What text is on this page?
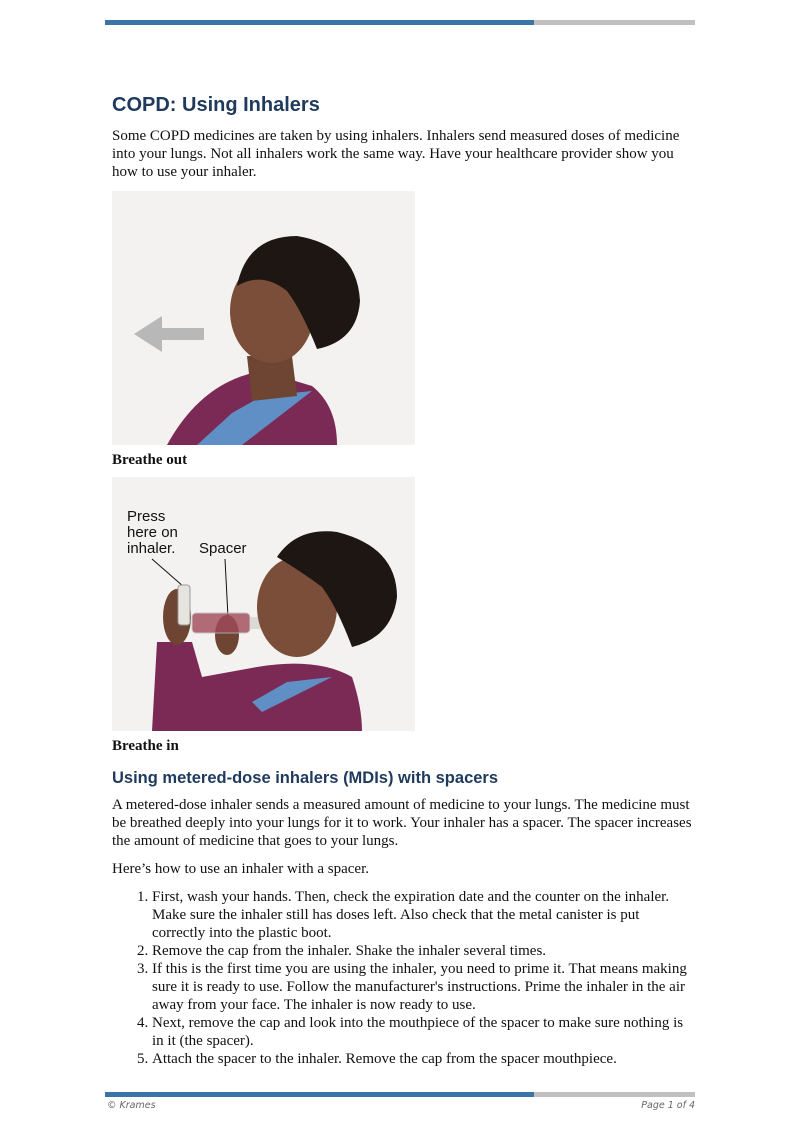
COPD: Using Inhalers

Some COPD medicines are taken by using inhalers. Inhalers send measured doses of medicine into your lungs. Not all inhalers work the same way. Have your healthcare provider show you how to use your inhaler.

Breathe out
Press
here on
inhaler. Spacer
Breathe in
Using metered-dose inhalers (MDIs) with spacers

A metered-dose inhaler sends a measured amount of medicine to your lungs. The medicine must be breathed deeply into your lungs for it to work. Your inhaler has a spacer. The spacer increases the amount of medicine that goes to your lungs.

Here’s how to use an inhaler with a spacer.

1. First, wash your hands. Then, check the expiration date and the counter on the inhaler. Make sure the inhaler still has doses left. Also check that the metal canister is put correctly into the plastic boot.
2. Remove the cap from the inhaler. Shake the inhaler several times.
3. If this is the first time you are using the inhaler, you need to prime it. That means making sure it is ready to use. Follow the manufacturer's instructions. Prime the inhaler in the air away from your face. The inhaler is now ready to use.
4. Next, remove the cap and look into the mouthpiece of the spacer to make sure nothing is in it (the spacer).
5. Attach the spacer to the inhaler. Remove the cap from the spacer mouthpiece.
© Krames	Page 1 of 4
